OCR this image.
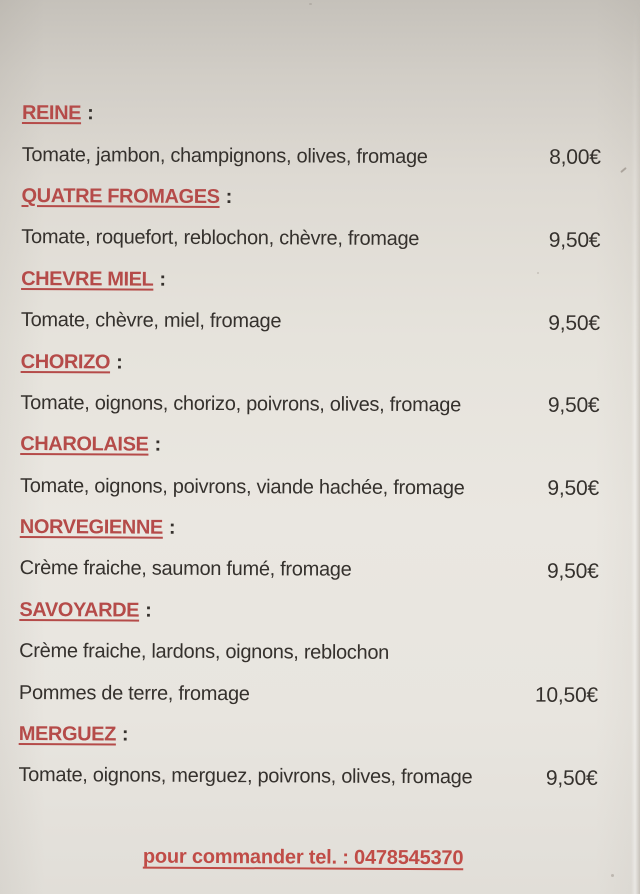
REINE :
Tomate, jambon, champignons, olives, fromage	8,00€
QUATRE FROMAGES :
Tomate, roquefort, reblochon, chèvre, fromage	9,50€
CHEVRE MIEL :
Tomate, chèvre, miel, fromage	9,50€
CHORIZO :
Tomate, oignons, chorizo, poivrons, olives, fromage	9,50€
CHAROLAISE :
Tomate, oignons, poivrons, viande hachée, fromage	9,50€
NORVEGIENNE :
Crème fraiche, saumon fumé, fromage	9,50€
SAVOYARDE :
Crème fraiche, lardons, oignons, reblochon
Pommes de terre, fromage	10,50€
MERGUEZ :
Tomate, oignons, merguez, poivrons, olives, fromage	9,50€
pour commander tel. : 0478545370
